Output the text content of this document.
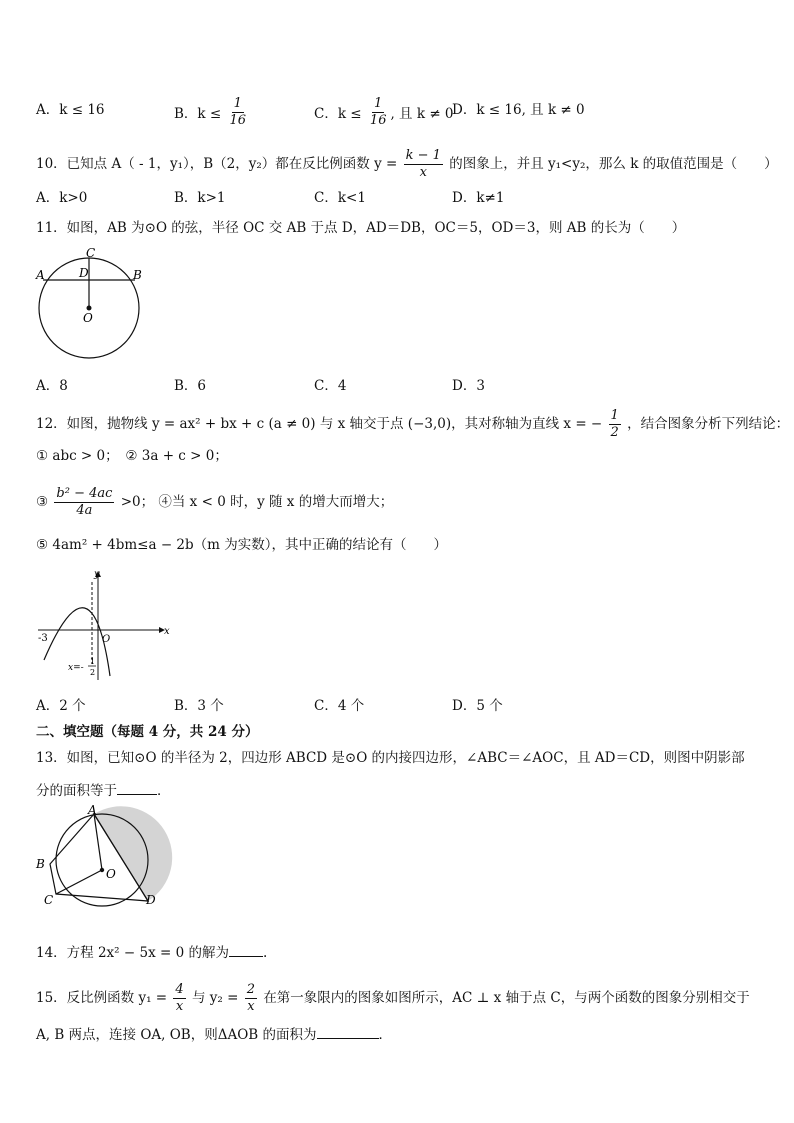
A．k ≤ 16	B．$k \le \frac{1}{16}$	C．$k \le \frac{1}{16}$ , 且 k ≠ 0
D．k ≤ 16, 且 k ≠ 0
10．已知点 A（ - 1，y₁），B（2，y₂）都在反比例函数 $y = \frac{k - 1}{x}$ 的图象上，并且 y₁<y₂，那么 k 的取值范围是（　　）
A．k>0	B．k>1	C．k<1	D．k≠1
11．如图，AB 为⊙O 的弦，半径 OC 交 AB 于点 D，AD＝DB，OC＝5，OD＝3，则 AB 的长为（　　）
C
A	D	B
O
A．8	B．6	C．4	D．3
12．如图，抛物线 y = ax² + bx + c (a ≠ 0) 与 x 轴交于点 (−3,0)，其对称轴为直线 x = − $\frac{1}{2}$ ，结合图象分析下列结论：
① abc > 0；　② 3a + c > 0；
③ $\frac{\text{b² − 4ac}}{4a} >0$； ④当 x < 0 时，y 随 x 的增大而增大；
⑤ 4am² + 4bm≤a − 2b（m 为实数），其中正确的结论有（　　）
y
x
O
-3
x=-
1
2
A．2 个	B．3 个	C．4 个	D．5 个
二、填空题（每题 4 分，共 24 分）
13．如图，已知⊙O 的半径为 2，四边形 ABCD 是⊙O 的内接四边形，∠ABC＝∠AOC，且 AD＝CD，则图中阴影部
分的面积等于	．
A
B
O
C	D
14．方程 2x² − 5x = 0 的解为	.
15．反比例函数 $y_1 = \frac{4}{x}$ 与 $y_2 = \frac{2}{x}$ 在第一象限内的图象如图所示，AC ⊥ x 轴于点 C，与两个函数的图象分别相交于
A, B 两点，连接 OA, OB，则ΔAOB 的面积为	．
